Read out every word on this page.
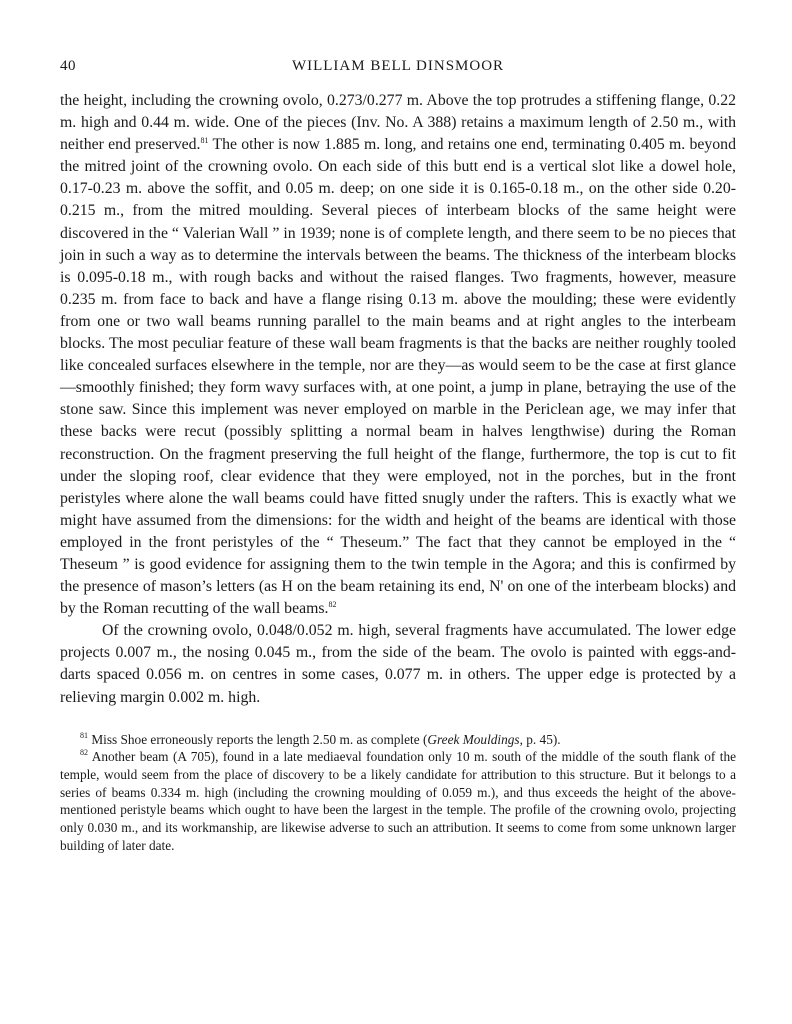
40	WILLIAM BELL DINSMOOR

the height, including the crowning ovolo, 0.273/0.277 m. Above the top protrudes a stiffening flange, 0.22 m. high and 0.44 m. wide. One of the pieces (Inv. No. A 388) retains a maximum length of 2.50 m., with neither end preserved.$^{81}$ The other is now 1.885 m. long, and retains one end, terminating 0.405 m. beyond the mitred joint of the crowning ovolo. On each side of this butt end is a vertical slot like a dowel hole, 0.17-0.23 m. above the soffit, and 0.05 m. deep; on one side it is 0.165-0.18 m., on the other side 0.20-0.215 m., from the mitred moulding. Several pieces of interbeam blocks of the same height were discovered in the “ Valerian Wall ” in 1939; none is of complete length, and there seem to be no pieces that join in such a way as to determine the intervals between the beams. The thickness of the interbeam blocks is 0.095-0.18 m., with rough backs and without the raised flanges. Two fragments, however, measure 0.235 m. from face to back and have a flange rising 0.13 m. above the moulding; these were evidently from one or two wall beams running parallel to the main beams and at right angles to the interbeam blocks. The most peculiar feature of these wall beam fragments is that the backs are neither roughly tooled like concealed surfaces elsewhere in the temple, nor are they—as would seem to be the case at first glance—smoothly finished; they form wavy surfaces with, at one point, a jump in plane, betraying the use of the stone saw. Since this implement was never employed on marble in the Periclean age, we may infer that these backs were recut (possibly splitting a normal beam in halves lengthwise) during the Roman reconstruction. On the fragment preserving the full height of the flange, furthermore, the top is cut to fit under the sloping roof, clear evidence that they were employed, not in the porches, but in the front peristyles where alone the wall beams could have fitted snugly under the rafters. This is exactly what we might have assumed from the dimensions: for the width and height of the beams are identical with those employed in the front peristyles of the “ Theseum.” The fact that they cannot be employed in the “ Theseum ” is good evidence for assigning them to the twin temple in the Agora; and this is confirmed by the presence of mason’s letters (as H on the beam retaining its end, N' on one of the interbeam blocks) and by the Roman recutting of the wall beams.$^{82}$

Of the crowning ovolo, 0.048/0.052 m. high, several fragments have accumulated. The lower edge projects 0.007 m., the nosing 0.045 m., from the side of the beam. The ovolo is painted with eggs-and-darts spaced 0.056 m. on centres in some cases, 0.077 m. in others. The upper edge is protected by a relieving margin 0.002 m. high.

$^{81}$ Miss Shoe erroneously reports the length 2.50 m. as complete (Greek Mouldings, p. 45).

$^{82}$ Another beam (A 705), found in a late mediaeval foundation only 10 m. south of the middle of the south flank of the temple, would seem from the place of discovery to be a likely candidate for attribution to this structure. But it belongs to a series of beams 0.334 m. high (including the crowning moulding of 0.059 m.), and thus exceeds the height of the above-mentioned peristyle beams which ought to have been the largest in the temple. The profile of the crowning ovolo, projecting only 0.030 m., and its workmanship, are likewise adverse to such an attribution. It seems to come from some unknown larger building of later date.
